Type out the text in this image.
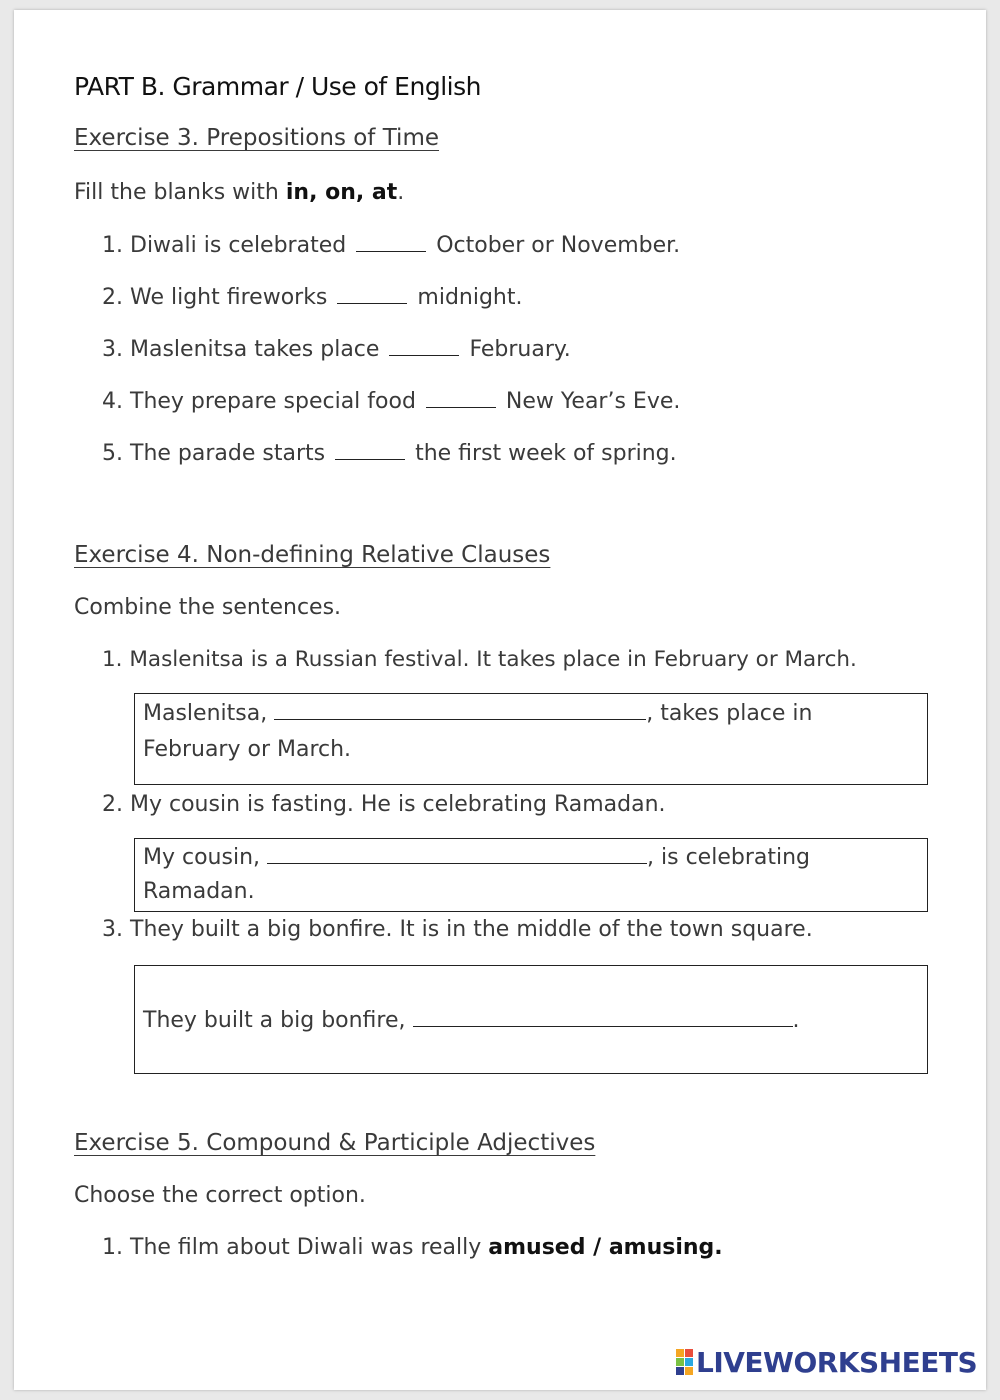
PART B. Grammar / Use of English
Exercise 3. Prepositions of Time
Fill the blanks with in, on, at.
1. Diwali is celebrated	October or November.
2. We light fireworks	midnight.
3. Maslenitsa takes place	February.
4. They prepare special food	New Year’s Eve.
5. The parade starts	the first week of spring.
Exercise 4. Non-defining Relative Clauses
Combine the sentences.
1. Maslenitsa is a Russian festival. It takes place in February or March.
Maslenitsa,	, takes place in
February or March.
2. My cousin is fasting. He is celebrating Ramadan.
My cousin,	, is celebrating
Ramadan.
3. They built a big bonfire. It is in the middle of the town square.
They built a big bonfire,	.
Exercise 5. Compound & Participle Adjectives
Choose the correct option.
1. The film about Diwali was really amused / amusing.
LIVEWORKSHEETS
